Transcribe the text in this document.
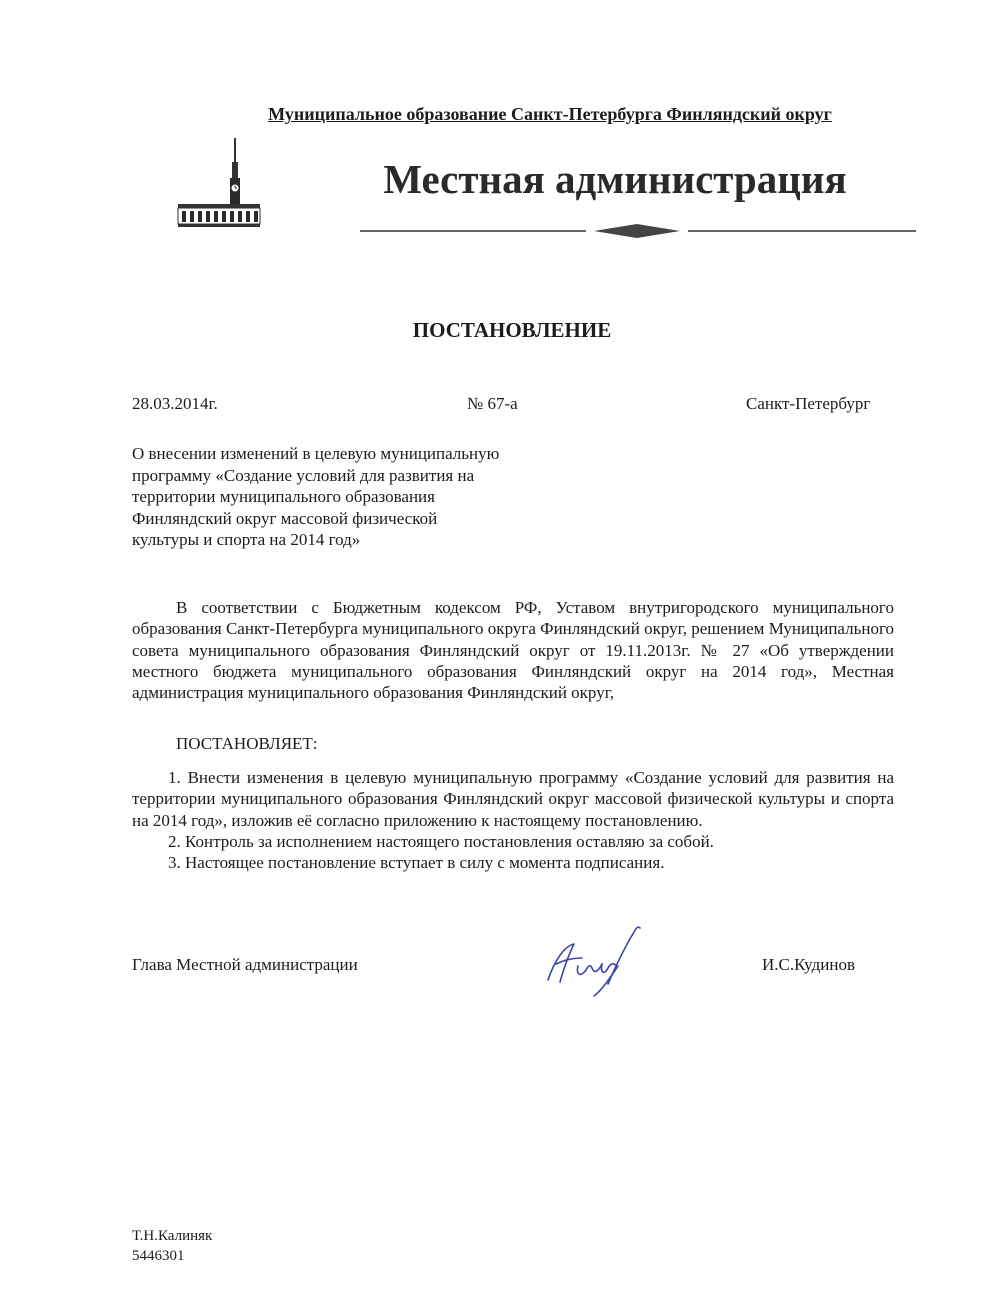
Муниципальное образование Санкт-Петербурга Финляндский округ
Местная администрация
ПОСТАНОВЛЕНИЕ
28.03.2014г.	№ 67-а	Санкт-Петербург
О внесении изменений в целевую муниципальную
программу «Создание условий для развития на
территории муниципального образования
Финляндский округ массовой физической
культуры и спорта на 2014 год»
В соответствии с Бюджетным кодексом РФ, Уставом внутригородского муниципального образования Санкт-Петербурга муниципального округа Финляндский округ, решением Муниципального совета муниципального образования Финляндский округ от 19.11.2013г. № 27 «Об утверждении местного бюджета муниципального образования Финляндский округ на 2014 год», Местная администрация муниципального образования Финляндский округ,
ПОСТАНОВЛЯЕТ:
1. Внести изменения в целевую муниципальную программу «Создание условий для развития на территории муниципального образования Финляндский округ массовой физической культуры и спорта на 2014 год», изложив её согласно приложению к настоящему постановлению.
2. Контроль за исполнением настоящего постановления оставляю за собой.
3. Настоящее постановление вступает в силу с момента подписания.
Глава Местной администрации	И.С.Кудинов
Т.Н.Калиняк
5446301
